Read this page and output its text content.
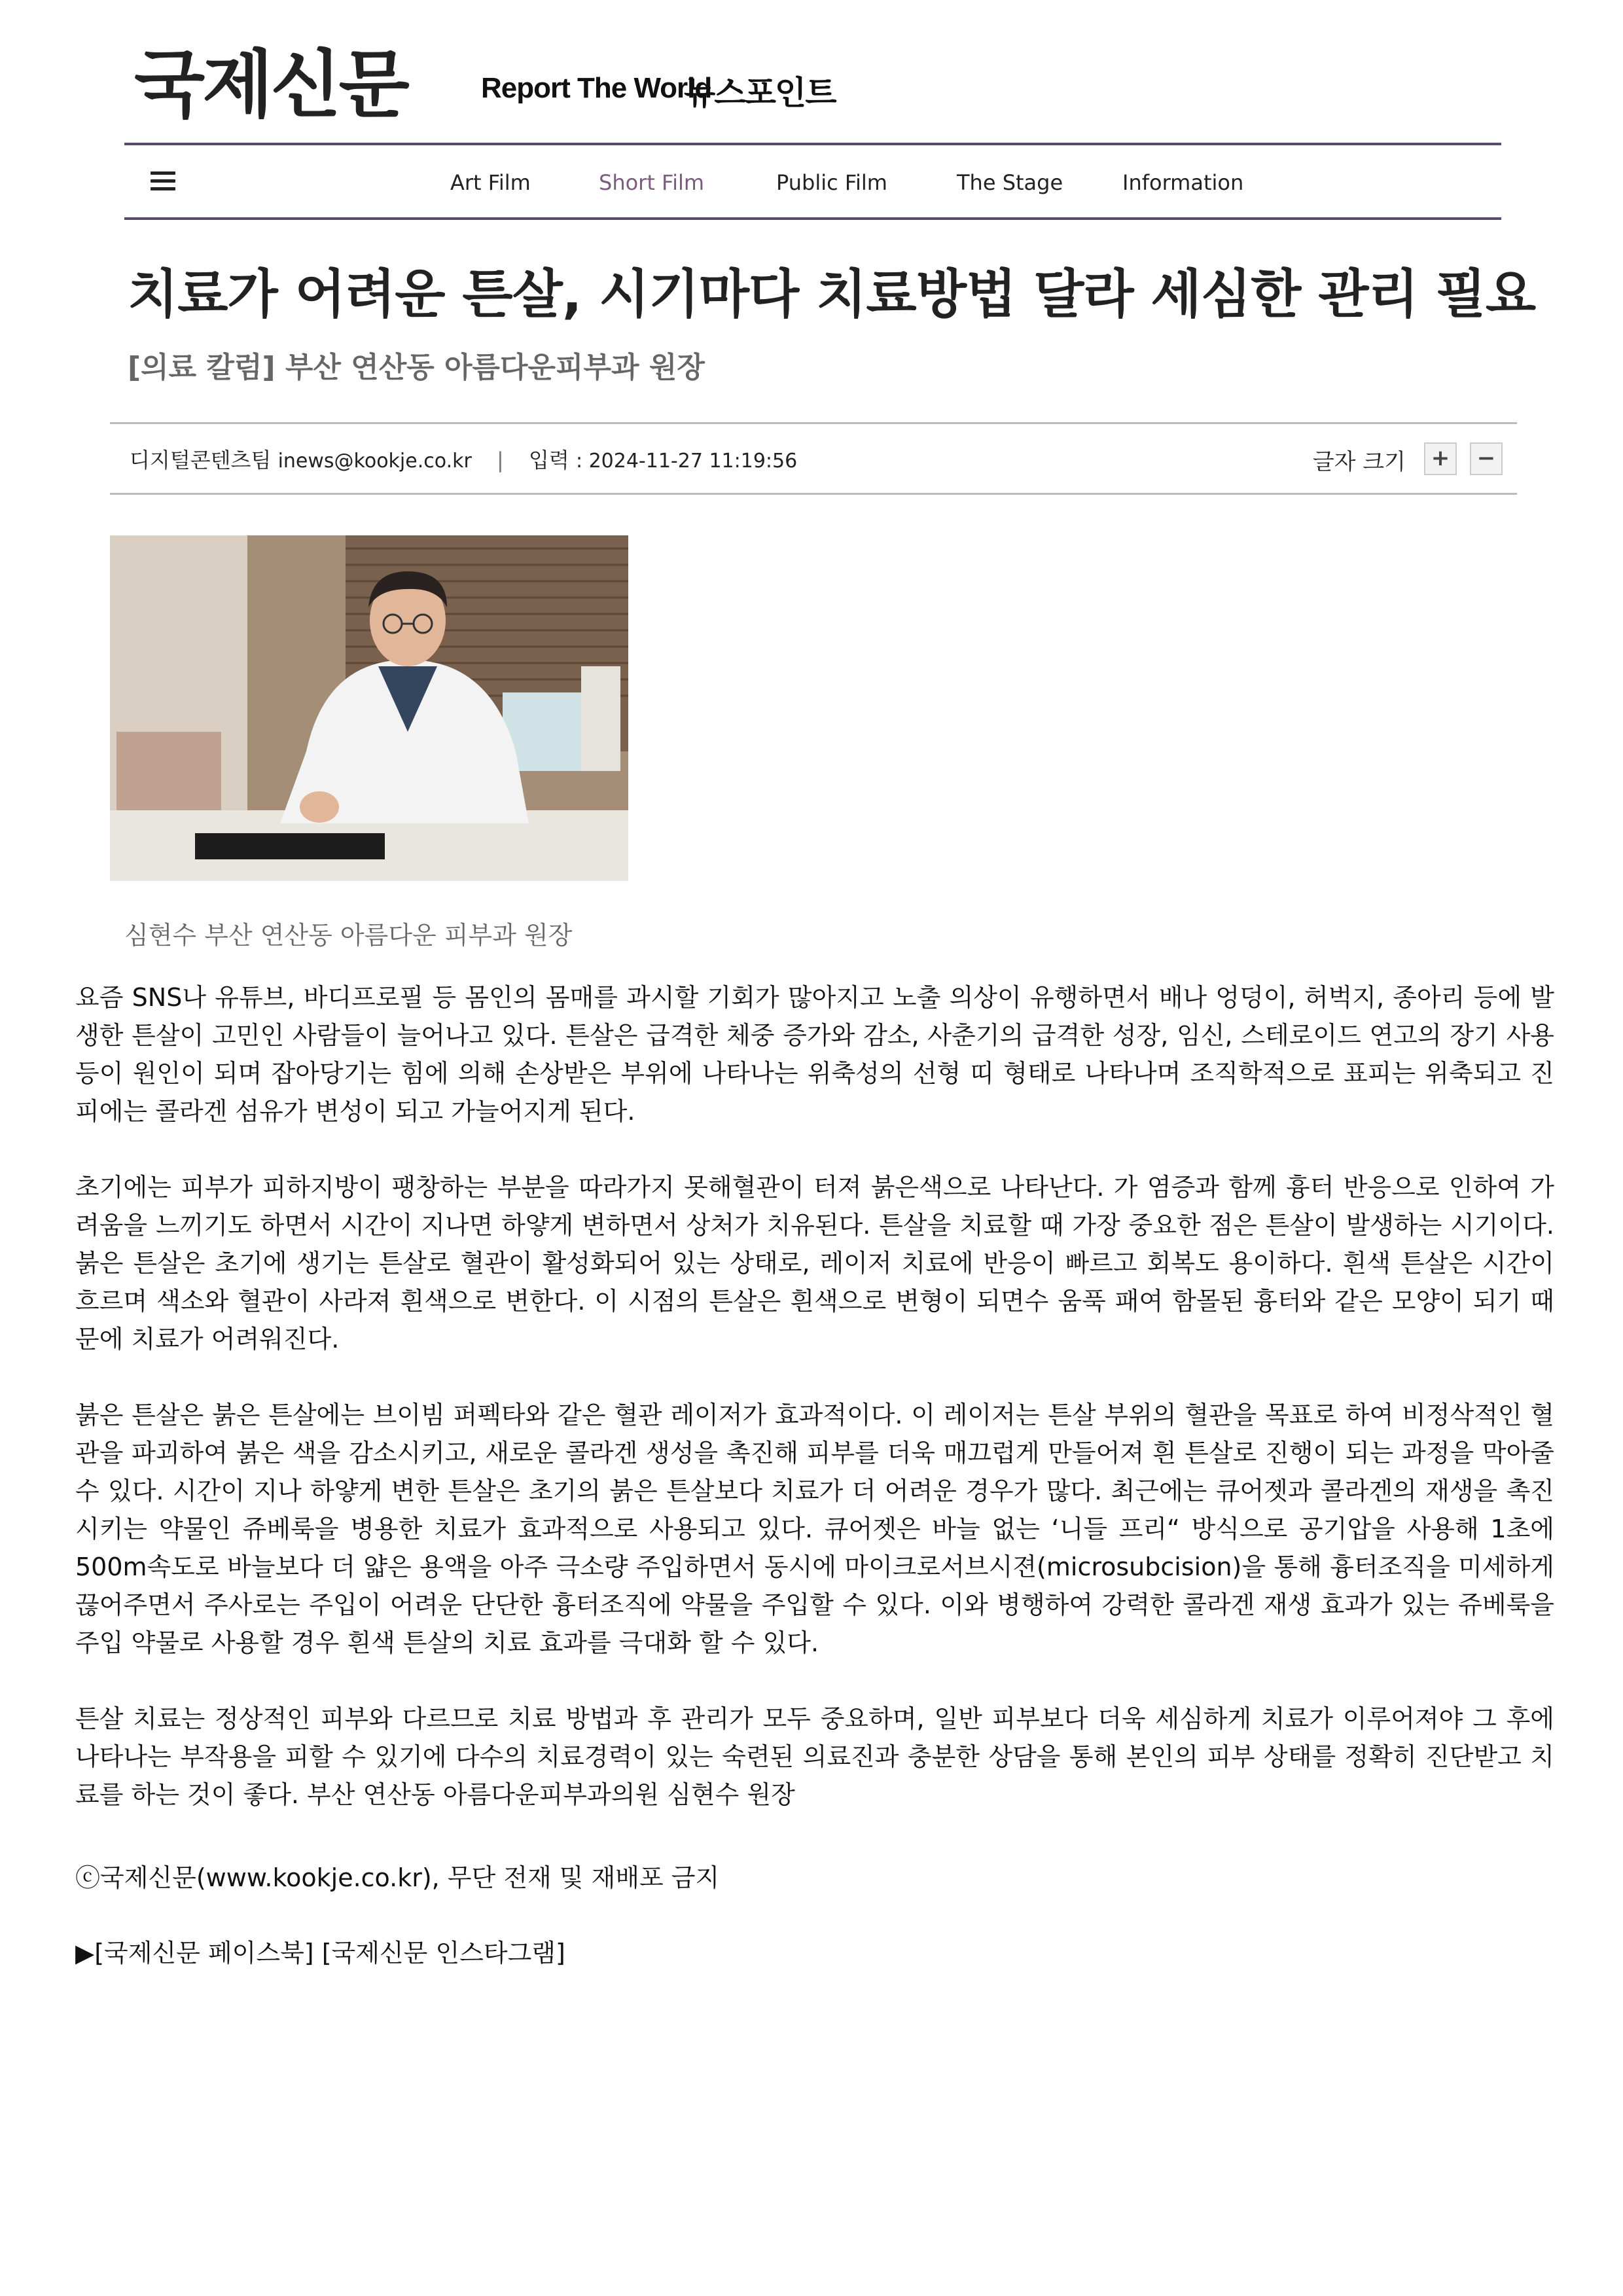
국제신문	Report The World
뉴스포인트
Art Film	Short Film	Public Film	The Stage	Information
치료가 어려운 튼살, 시기마다 치료방법 달라 세심한 관리 필요
[의료 칼럼] 부산 연산동 아름다운피부과 원장
디지털콘텐츠팀 inews@kookje.co.kr | 입력 : 2024-11-27 11:19:56	글자 크기	+	−
심현수 부산 연산동 아름다운 피부과 원장

요즘 SNS나 유튜브, 바디프로필 등 몸인의 몸매를 과시할 기회가 많아지고 노출 의상이 유행하면서 배나 엉덩이, 허벅지, 종아리 등에 발생한 튼살이 고민인 사람들이 늘어나고 있다. 튼살은 급격한 체중 증가와 감소, 사춘기의 급격한 성장, 임신, 스테로이드 연고의 장기 사용 등이 원인이 되며 잡아당기는 힘에 의해 손상받은 부위에 나타나는 위축성의 선형 띠 형태로 나타나며 조직학적으로 표피는 위축되고 진피에는 콜라겐 섬유가 변성이 되고 가늘어지게 된다.

초기에는 피부가 피하지방이 팽창하는 부분을 따라가지 못해혈관이 터져 붉은색으로 나타난다. 가 염증과 함께 흉터 반응으로 인하여 가려움을 느끼기도 하면서 시간이 지나면 하얗게 변하면서 상처가 치유된다. 튼살을 치료할 때 가장 중요한 점은 튼살이 발생하는 시기이다. 붉은 튼살은 초기에 생기는 튼살로 혈관이 활성화되어 있는 상태로, 레이저 치료에 반응이 빠르고 회복도 용이하다. 흰색 튼살은 시간이 흐르며 색소와 혈관이 사라져 흰색으로 변한다. 이 시점의 튼살은 흰색으로 변형이 되면수 움푹 패여 함몰된 흉터와 같은 모양이 되기 때문에 치료가 어려워진다.

붉은 튼살은 붉은 튼살에는 브이빔 퍼펙타와 같은 혈관 레이저가 효과적이다. 이 레이저는 튼살 부위의 혈관을 목표로 하여 비정삭적인 혈관을 파괴하여 붉은 색을 감소시키고, 새로운 콜라겐 생성을 촉진해 피부를 더욱 매끄럽게 만들어져 흰 튼살로 진행이 되는 과정을 막아줄 수 있다. 시간이 지나 하얗게 변한 튼살은 초기의 붉은 튼살보다 치료가 더 어려운 경우가 많다. 최근에는 큐어젯과 콜라겐의 재생을 촉진시키는 약물인 쥬베룩을 병용한 치료가 효과적으로 사용되고 있다. 큐어젯은 바늘 없는 ‘니들 프리“ 방식으로 공기압을 사용해 1초에 500m속도로 바늘보다 더 얇은 용액을 아주 극소량 주입하면서 동시에 마이크로서브시젼(microsubcision)을 통해 흉터조직을 미세하게 끊어주면서 주사로는 주입이 어려운 단단한 흉터조직에 약물을 주입할 수 있다. 이와 병행하여 강력한 콜라겐 재생 효과가 있는 쥬베룩을 주입 약물로 사용할 경우 흰색 튼살의 치료 효과를 극대화 할 수 있다.

튼살 치료는 정상적인 피부와 다르므로 치료 방법과 후 관리가 모두 중요하며, 일반 피부보다 더욱 세심하게 치료가 이루어져야 그 후에 나타나는 부작용을 피할 수 있기에 다수의 치료경력이 있는 숙련된 의료진과 충분한 상담을 통해 본인의 피부 상태를 정확히 진단받고 치료를 하는 것이 좋다. 부산 연산동 아름다운피부과의원 심현수 원장

ⓒ국제신문(www.kookje.co.kr), 무단 전재 및 재배포 금지
▶[국제신문 페이스북] [국제신문 인스타그램]
